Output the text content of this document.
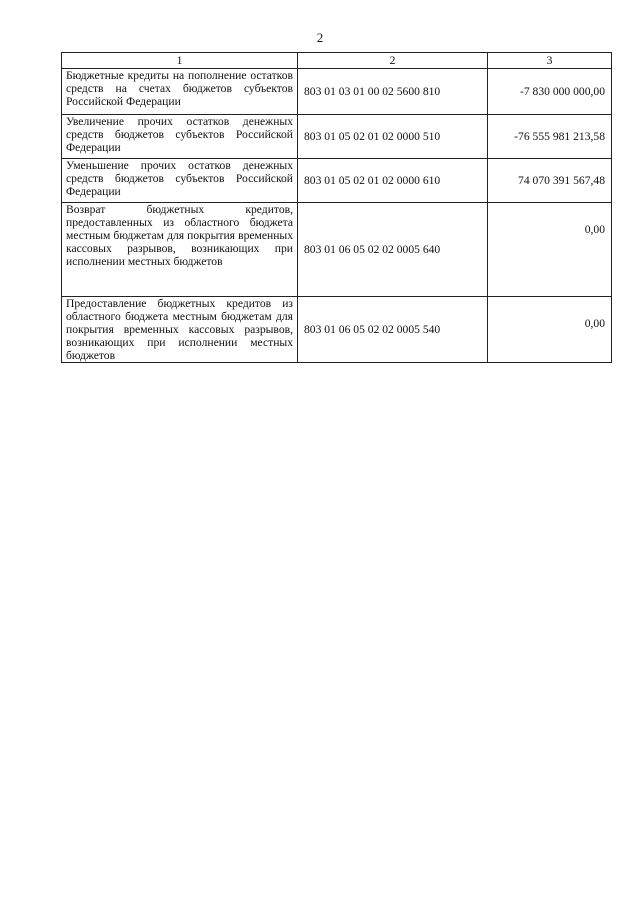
2
1	2	3
Бюджетные кредиты на пополнение остатков средств на счетах бюджетов субъектов Российской Федерации	803 01 03 01 00 02 5600 810	-7 830 000 000,00
Увеличение прочих остатков денежных средств бюджетов субъектов Российской Федерации	803 01 05 02 01 02 0000 510	-76 555 981 213,58
Уменьшение прочих остатков денежных средств бюджетов субъектов Российской Федерации	803 01 05 02 01 02 0000 610	74 070 391 567,48
Возврат бюджетных кредитов, предоставленных из областного бюджета местным бюджетам для покрытия временных кассовых разрывов, возникающих при исполнении местных бюджетов	803 01 06 05 02 02 0005 640	0,00
Предоставление бюджетных кредитов из областного бюджета местным бюджетам для покрытия временных кассовых разрывов, возникающих при исполнении местных бюджетов	803 01 06 05 02 02 0005 540	0,00
